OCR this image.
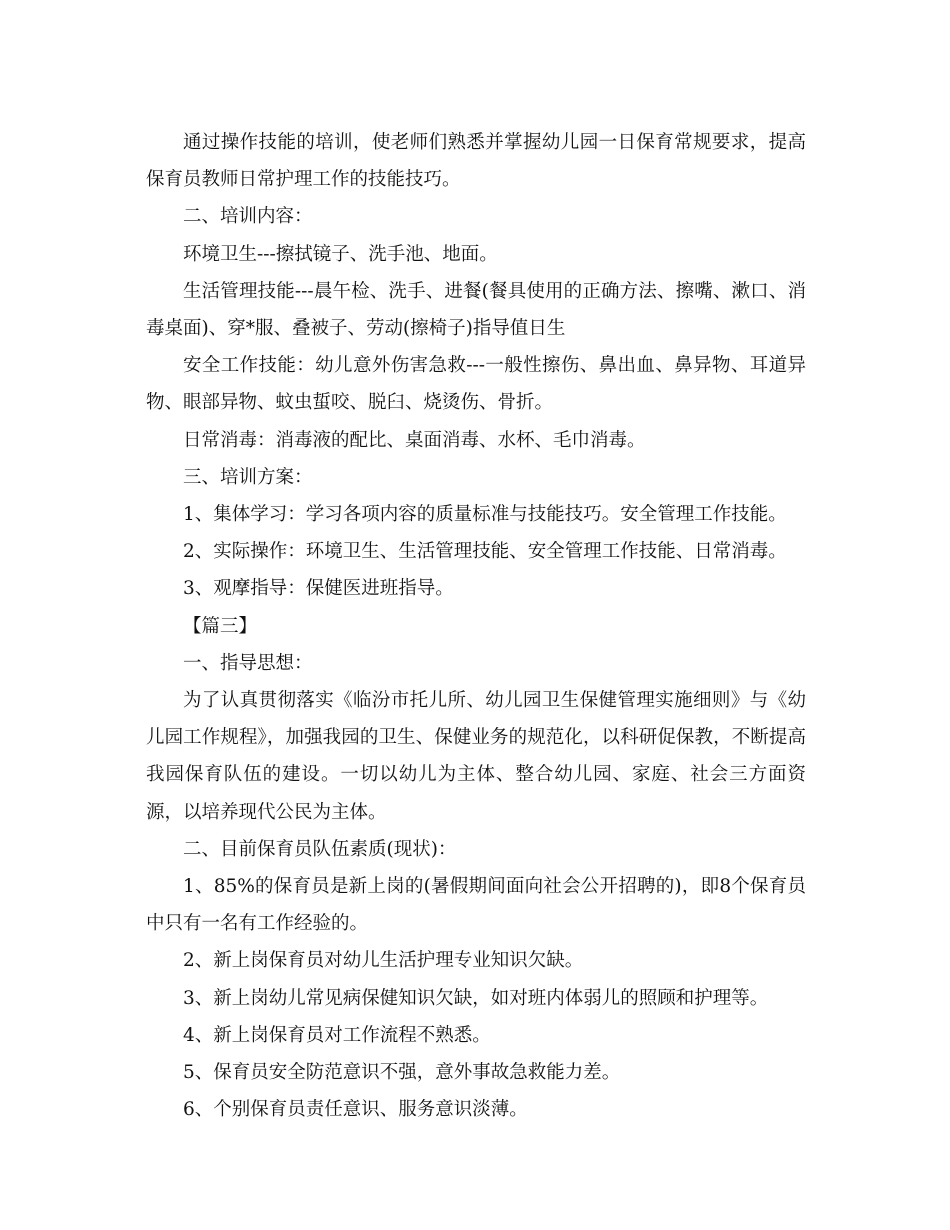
通过操作技能的培训，使老师们熟悉并掌握幼儿园一日保育常规要求，提高保育员教师日常护理工作的技能技巧。

二、培训内容：

环境卫生---擦拭镜子、洗手池、地面。

生活管理技能---晨午检、洗手、进餐(餐具使用的正确方法、擦嘴、漱口、消毒桌面)、穿*服、叠被子、劳动(擦椅子)指导值日生

安全工作技能：幼儿意外伤害急救---一般性擦伤、鼻出血、鼻异物、耳道异物、眼部异物、蚊虫蜇咬、脱臼、烧烫伤、骨折。

日常消毒：消毒液的配比、桌面消毒、水杯、毛巾消毒。

三、培训方案：

1、集体学习：学习各项内容的质量标准与技能技巧。安全管理工作技能。

2、实际操作：环境卫生、生活管理技能、安全管理工作技能、日常消毒。

3、观摩指导：保健医进班指导。

【篇三】

一、指导思想：

为了认真贯彻落实《临汾市托儿所、幼儿园卫生保健管理实施细则》与《幼儿园工作规程》，加强我园的卫生、保健业务的规范化，以科研促保教，不断提高我园保育队伍的建设。一切以幼儿为主体、整合幼儿园、家庭、社会三方面资源，以培养现代公民为主体。

二、目前保育员队伍素质(现状)：

1、85%的保育员是新上岗的(暑假期间面向社会公开招聘的)，即8个保育员中只有一名有工作经验的。

2、新上岗保育员对幼儿生活护理专业知识欠缺。

3、新上岗幼儿常见病保健知识欠缺，如对班内体弱儿的照顾和护理等。

4、新上岗保育员对工作流程不熟悉。

5、保育员安全防范意识不强，意外事故急救能力差。

6、个别保育员责任意识、服务意识淡薄。
